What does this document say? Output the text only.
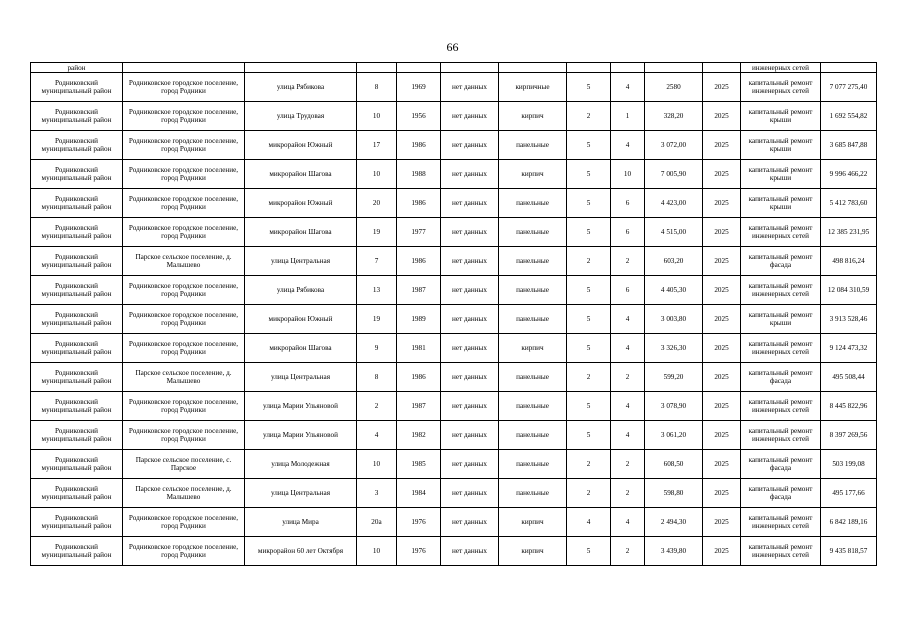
66
район											инженерных сетей	
Родниковский муниципальный район	Родниковское городское поселение, город Родники	улица Рябикова	8	1969	нет данных	кирпичные	5	4	2580	2025	капитальный ремонт инженерных сетей	7 077 275,40
Родниковский муниципальный район	Родниковское городское поселение, город Родники	улица Трудовая	10	1956	нет данных	кирпич	2	1	328,20	2025	капитальный ремонт крыши	1 692 554,82
Родниковский муниципальный район	Родниковское городское поселение, город Родники	микрорайон Южный	17	1986	нет данных	панельные	5	4	3 072,00	2025	капитальный ремонт крыши	3 685 847,88
Родниковский муниципальный район	Родниковское городское поселение, город Родники	микрорайон Шагова	10	1988	нет данных	кирпич	5	10	7 005,90	2025	капитальный ремонт крыши	9 996 466,22
Родниковский муниципальный район	Родниковское городское поселение, город Родники	микрорайон Южный	20	1986	нет данных	панельные	5	6	4 423,00	2025	капитальный ремонт крыши	5 412 783,60
Родниковский муниципальный район	Родниковское городское поселение, город Родники	микрорайон Шагова	19	1977	нет данных	панельные	5	6	4 515,00	2025	капитальный ремонт инженерных сетей	12 385 231,95
Родниковский муниципальный район	Парское сельское поселение, д. Малышево	улица Центральная	7	1986	нет данных	панельные	2	2	603,20	2025	капитальный ремонт фасада	498 816,24
Родниковский муниципальный район	Родниковское городское поселение, город Родники	улица Рябикова	13	1987	нет данных	панельные	5	6	4 405,30	2025	капитальный ремонт инженерных сетей	12 084 310,59
Родниковский муниципальный район	Родниковское городское поселение, город Родники	микрорайон Южный	19	1989	нет данных	панельные	5	4	3 003,80	2025	капитальный ремонт крыши	3 913 528,46
Родниковский муниципальный район	Родниковское городское поселение, город Родники	микрорайон Шагова	9	1981	нет данных	кирпич	5	4	3 326,30	2025	капитальный ремонт инженерных сетей	9 124 473,32
Родниковский муниципальный район	Парское сельское поселение, д. Малышево	улица Центральная	8	1986	нет данных	панельные	2	2	599,20	2025	капитальный ремонт фасада	495 508,44
Родниковский муниципальный район	Родниковское городское поселение, город Родники	улица Марии Ульяновой	2	1987	нет данных	панельные	5	4	3 078,90	2025	капитальный ремонт инженерных сетей	8 445 822,96
Родниковский муниципальный район	Родниковское городское поселение, город Родники	улица Марии Ульяновой	4	1982	нет данных	панельные	5	4	3 061,20	2025	капитальный ремонт инженерных сетей	8 397 269,56
Родниковский муниципальный район	Парское сельское поселение, с. Парское	улица Молодежная	10	1985	нет данных	панельные	2	2	608,50	2025	капитальный ремонт фасада	503 199,08
Родниковский муниципальный район	Парское сельское поселение, д. Малышево	улица Центральная	3	1984	нет данных	панельные	2	2	598,80	2025	капитальный ремонт фасада	495 177,66
Родниковский муниципальный район	Родниковское городское поселение, город Родники	улица Мира	20а	1976	нет данных	кирпич	4	4	2 494,30	2025	капитальный ремонт инженерных сетей	6 842 189,16
Родниковский муниципальный район	Родниковское городское поселение, город Родники	микрорайон 60 лет Октября	10	1976	нет данных	кирпич	5	2	3 439,80	2025	капитальный ремонт инженерных сетей	9 435 818,57
